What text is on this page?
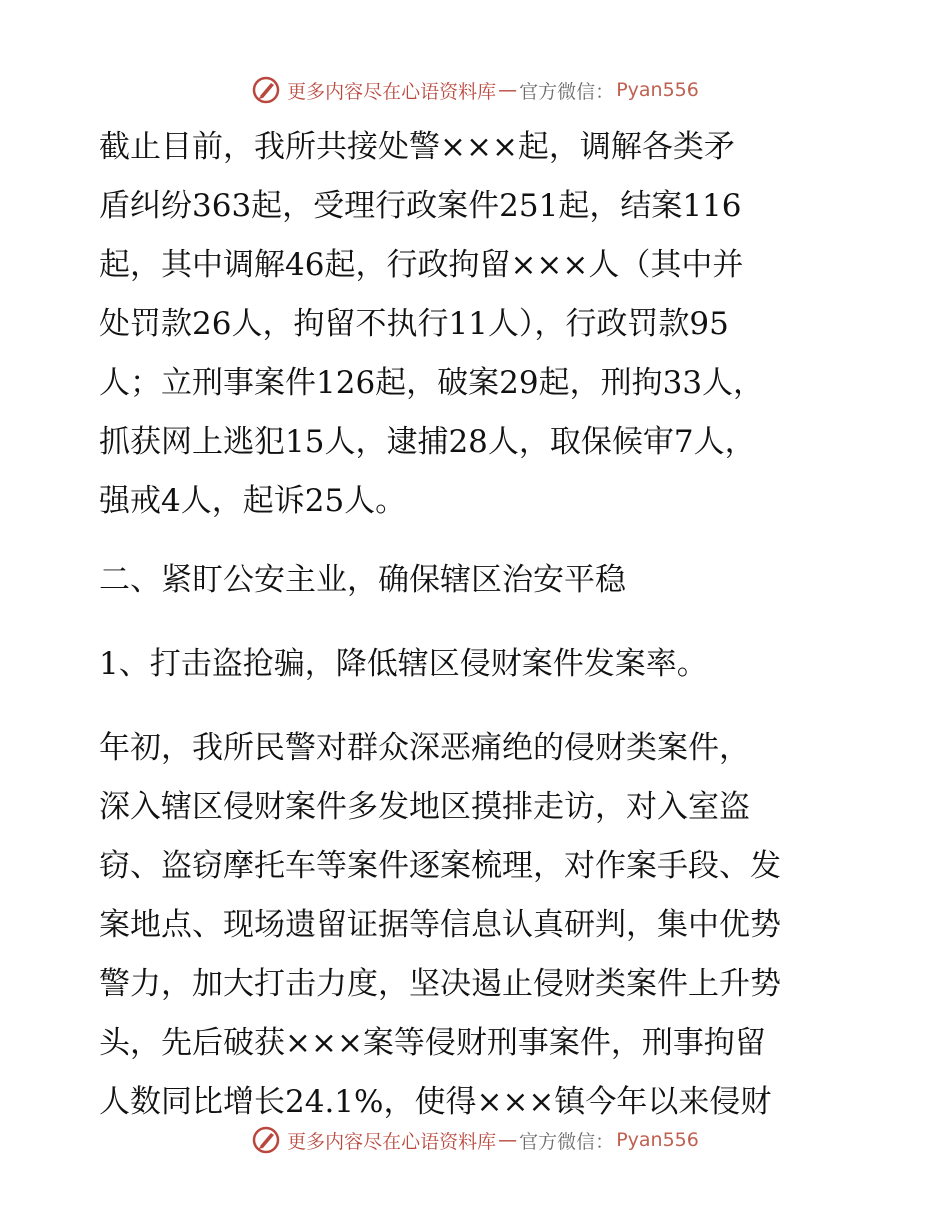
更多内容尽在心语资料库 — 官方微信： Pyan556
截止目前，我所共接处警×××起，调解各类矛
盾纠纷363起，受理行政案件251起，结案116
起，其中调解46起，行政拘留×××人（其中并
处罚款26人，拘留不执行11人），行政罚款95
人；立刑事案件126起，破案29起，刑拘33人，
抓获网上逃犯15人，逮捕28人，取保候审7人，
强戒4人，起诉25人。
二、紧盯公安主业，确保辖区治安平稳
1、打击盗抢骗，降低辖区侵财案件发案率。
年初，我所民警对群众深恶痛绝的侵财类案件，
深入辖区侵财案件多发地区摸排走访，对入室盗
窃、盗窃摩托车等案件逐案梳理，对作案手段、发
案地点、现场遗留证据等信息认真研判，集中优势
警力，加大打击力度，坚决遏止侵财类案件上升势
头，先后破获×××案等侵财刑事案件，刑事拘留
人数同比增长24.1%，使得×××镇今年以来侵财
更多内容尽在心语资料库 — 官方微信： Pyan556
